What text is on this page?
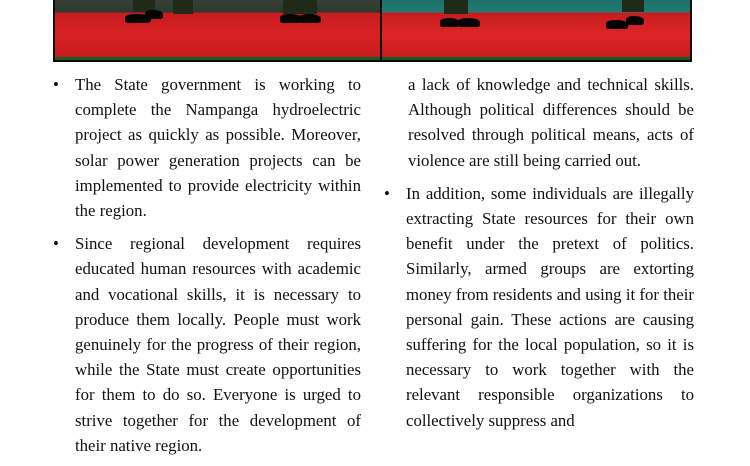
• The State government is working to complete the Nampanga hydroelectric project as quickly as possible. Moreover, solar power generation projects can be implemented to provide electricity within the region.

• Since regional development requires educated human resources with academic and vocational skills, it is necessary to produce them locally. People must work genuinely for the progress of their region, while the State must create opportunities for them to do so. Everyone is urged to strive together for the development of their native region.

a lack of knowledge and technical skills. Although political differences should be resolved through political means, acts of violence are still being carried out.

• In addition, some individuals are illegally extracting State resources for their own benefit under the pretext of politics. Similarly, armed groups are extorting money from residents and using it for their personal gain. These actions are causing suffering for the local population, so it is necessary to work together with the relevant responsible organizations to collectively suppress and
